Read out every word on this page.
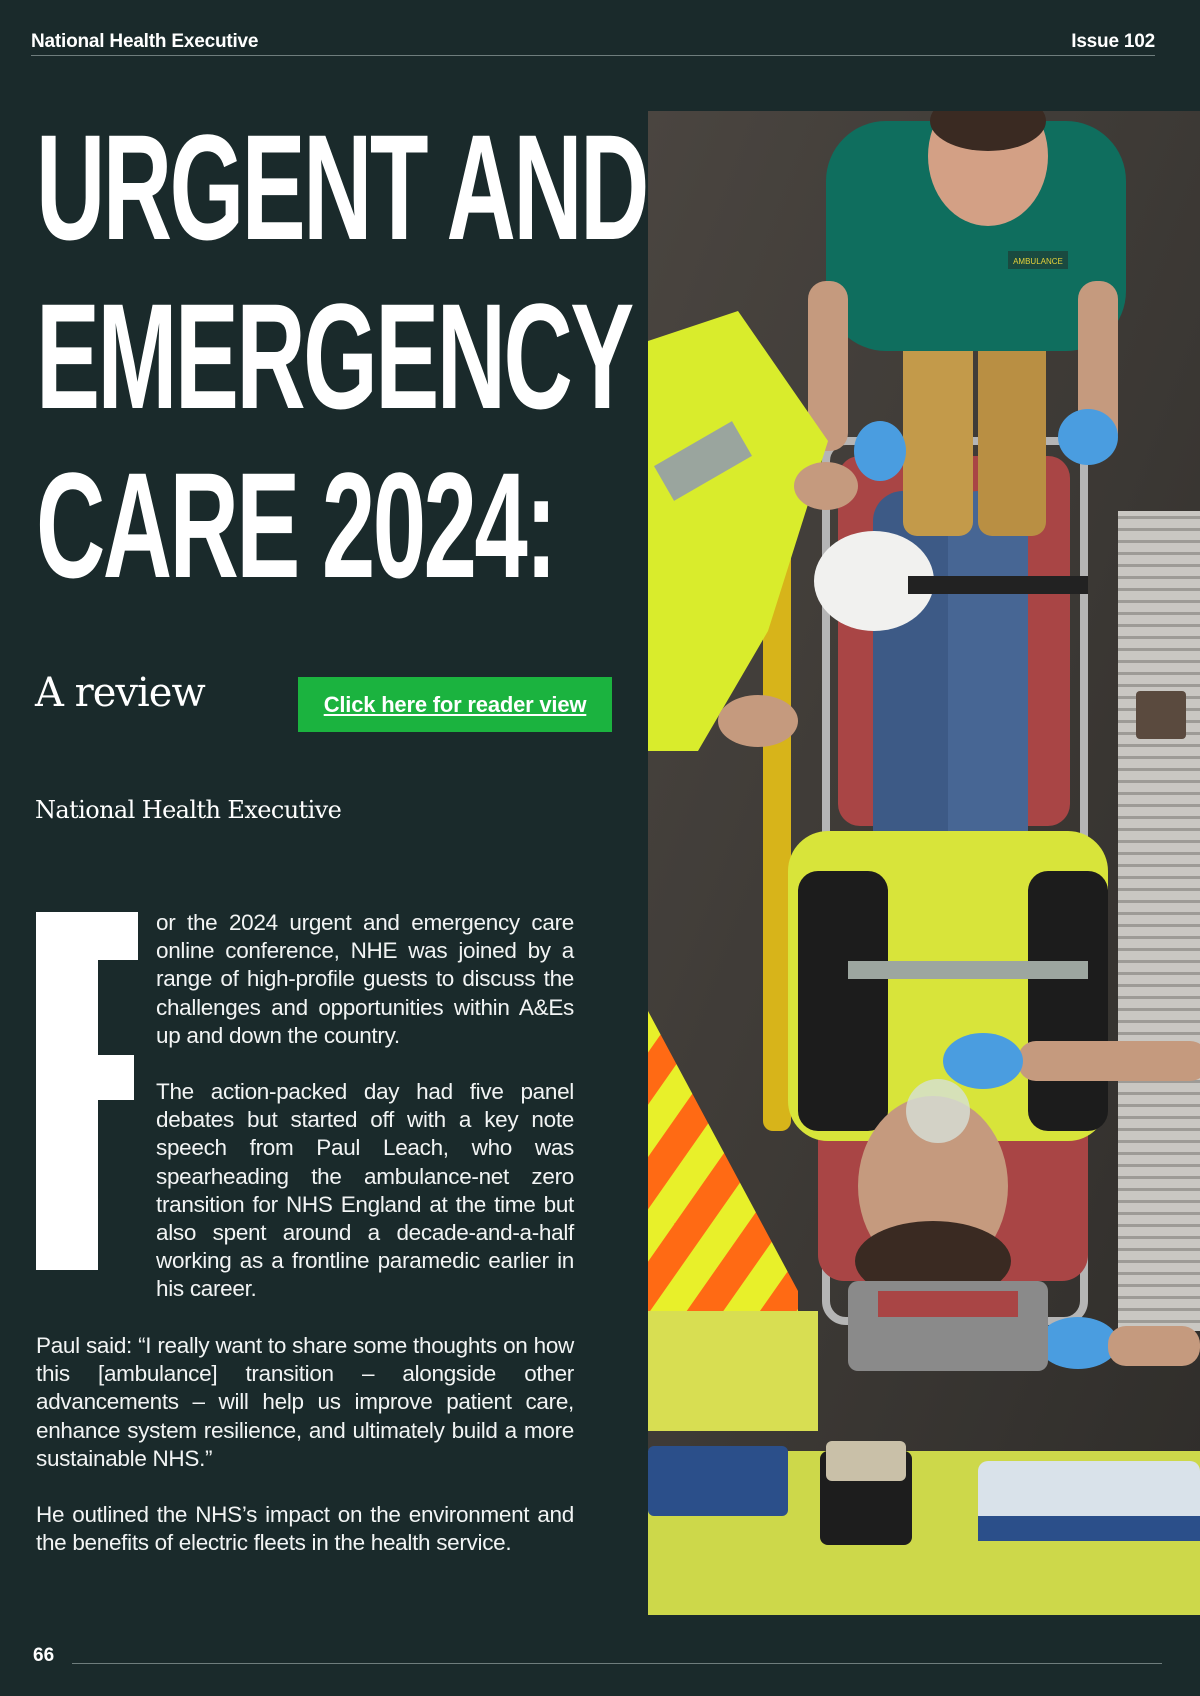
National Health Executive	Issue 102
URGENT AND
EMERGENCY
CARE 2024:
A review	Click here for reader view
National Health Executive

or the 2024 urgent and emergency care online conference, NHE was joined by a range of high-profile guests to discuss the challenges and opportunities within A&Es up and down the country.

The action-packed day had five panel debates but started off with a key note speech from Paul Leach, who was spearheading the ambulance-net zero transition for NHS England at the time but also spent around a decade-and-a-half working as a frontline paramedic earlier in his career.

Paul said: “I really want to share some thoughts on how this [ambulance] transition – alongside other advancements – will help us improve patient care, enhance system resilience, and ultimately build a more sustainable NHS.”

He outlined the NHS’s impact on the environment and the benefits of electric fleets in the health service.

AMBULANCE
66
